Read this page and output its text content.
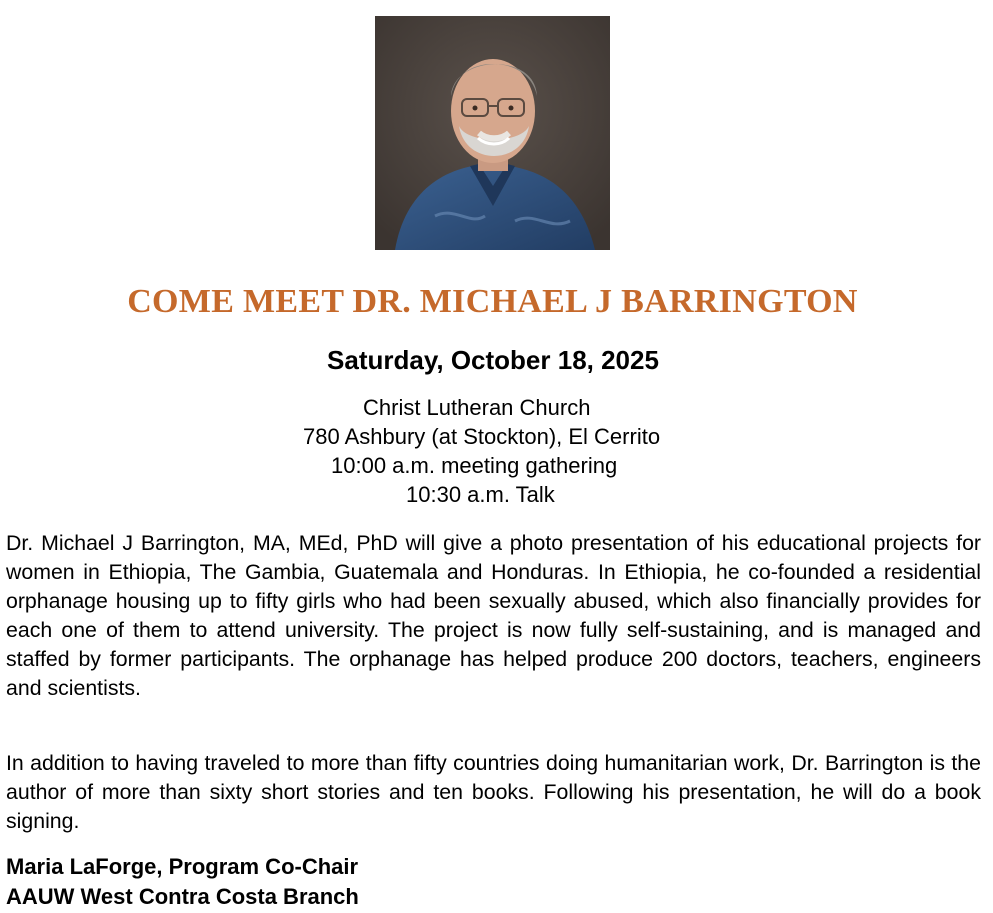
COME MEET DR. MICHAEL J BARRINGTON
Saturday, October 18, 2025
Christ Lutheran Church
780 Ashbury (at Stockton), El Cerrito
10:00 a.m. meeting gathering
10:30 a.m. Talk

Dr. Michael J Barrington, MA, MEd, PhD will give a photo presentation of his educational projects for women in Ethiopia, The Gambia, Guatemala and Honduras. In Ethiopia, he co-founded a residential orphanage housing up to fifty girls who had been sexually abused, which also financially provides for each one of them to attend university. The project is now fully self-sustaining, and is managed and staffed by former participants. The orphanage has helped produce 200 doctors, teachers, engineers and scientists.

In addition to having traveled to more than fifty countries doing humanitarian work, Dr. Barrington is the author of more than sixty short stories and ten books. Following his presentation, he will do a book signing.

Maria LaForge, Program Co-Chair
AAUW West Contra Costa Branch
